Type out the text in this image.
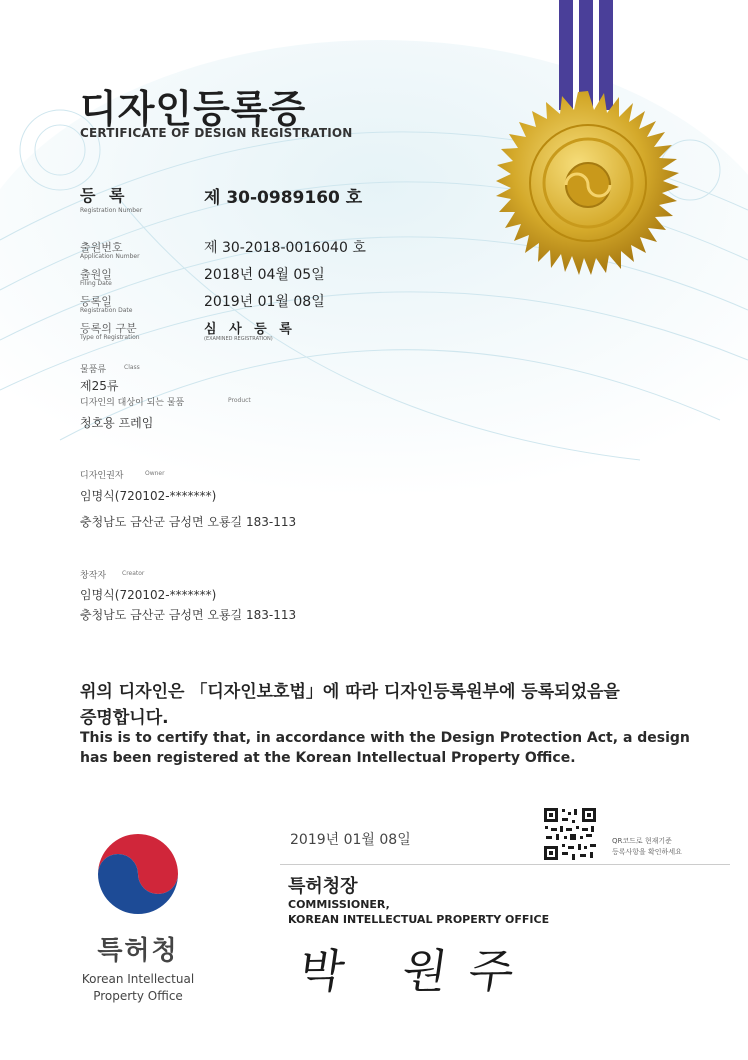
디자인등록증
CERTIFICATE OF DESIGN REGISTRATION
등 록
Registration Number
제 30-0989160 호
출원번호
Application Number
제 30-2018-0016040 호
출원일
Filing Date
2018년 04월 05일
등록일
Registration Date
2019년 01월 08일
등록의 구분
Type of Registration
심 사 등 록
(EXAMINED REGISTRATION)
물품류	Class
제25류
디자인의 대상이 되는 물품	Product
청호용 프레임
디자인권자	Owner
임명식(720102-*******)
충청남도 금산군 금성면 오룡길 183-113
창작자	Creator
임명식(720102-*******)
충청남도 금산군 금성면 오룡길 183-113
위의 디자인은 「디자인보호법」에 따라 디자인등록원부에 등록되었음을
증명합니다.
This is to certify that, in accordance with the Design Protection Act, a design
has been registered at the Korean Intellectual Property Office.
2019년 01월 08일	QR코드로 현재기준
등록사항을 확인하세요
특허청장
COMMISSIONER,
KOREAN INTELLECTUAL PROPERTY OFFICE
박 원주
특허청
Korean Intellectual
Property Office
